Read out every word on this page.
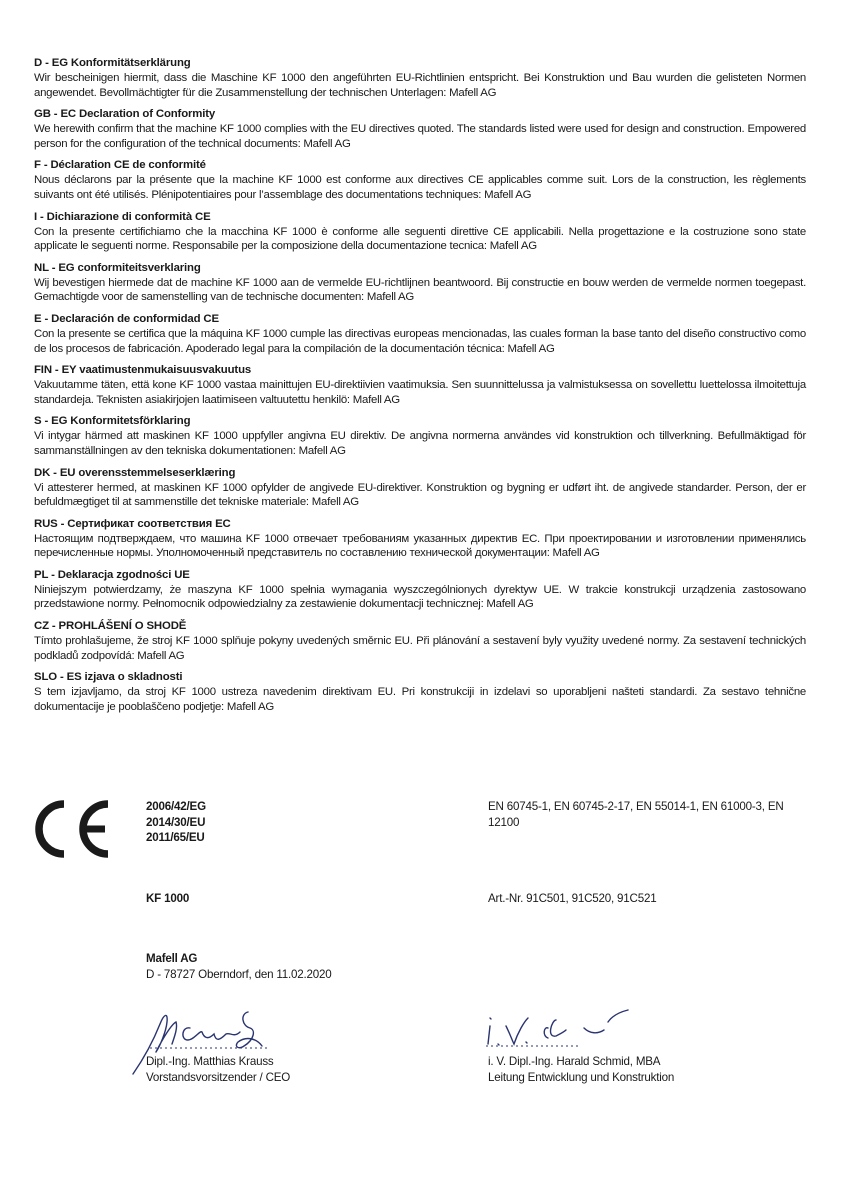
D - EG Konformitätserklärung

Wir bescheinigen hiermit, dass die Maschine KF 1000 den angeführten EU-Richtlinien entspricht. Bei Konstruktion und Bau wurden die gelisteten Normen angewendet. Bevollmächtigter für die Zusammenstellung der technischen Unterlagen: Mafell AG

GB - EC Declaration of Conformity

We herewith confirm that the machine KF 1000 complies with the EU directives quoted. The standards listed were used for design and construction. Empowered person for the configuration of the technical documents: Mafell AG

F - Déclaration CE de conformité

Nous déclarons par la présente que la machine KF 1000 est conforme aux directives CE applicables comme suit. Lors de la construction, les règlements suivants ont été utilisés. Plénipotentiaires pour l’assemblage des documentations techniques: Mafell AG

I - Dichiarazione di conformità CE

Con la presente certifichiamo che la macchina KF 1000 è conforme alle seguenti direttive CE applicabili. Nella progettazione e la costruzione sono state applicate le seguenti norme. Responsabile per la composizione della documentazione tecnica: Mafell AG

NL - EG conformiteitsverklaring

Wij bevestigen hiermede dat de machine KF 1000 aan de vermelde EU-richtlijnen beantwoord. Bij constructie en bouw werden de vermelde normen toegepast. Gemachtigde voor de samenstelling van de technische documenten: Mafell AG

E - Declaración de conformidad CE

Con la presente se certifica que la máquina KF 1000 cumple las directivas europeas mencionadas, las cuales forman la base tanto del diseño constructivo como de los procesos de fabricación. Apoderado legal para la compilación de la documentación técnica: Mafell AG

FIN - EY vaatimustenmukaisuusvakuutus

Vakuutamme täten, että kone KF 1000 vastaa mainittujen EU-direktiivien vaatimuksia. Sen suunnittelussa ja valmistuksessa on sovellettu luettelossa ilmoitettuja standardeja. Teknisten asiakirjojen laatimiseen valtuutettu henkilö: Mafell AG

S - EG Konformitetsförklaring

Vi intygar härmed att maskinen KF 1000 uppfyller angivna EU direktiv. De angivna normerna användes vid konstruktion och tillverkning. Befullmäktigad för sammanställningen av den tekniska dokumentationen: Mafell AG

DK - EU overensstemmelseserklæring

Vi attesterer hermed, at maskinen KF 1000 opfylder de angivede EU-direktiver. Konstruktion og bygning er udført iht. de angivede standarder. Person, der er befuldmægtiget til at sammenstille det tekniske materiale: Mafell AG

RUS - Сертификат соответствия ЕС

Настоящим подтверждаем, что машина KF 1000 отвечает требованиям указанных директив ЕС. При проектировании и изготовлении применялись перечисленные нормы. Уполномоченный представитель по составлению технической документации: Mafell AG

PL - Deklaracja zgodności UE

Niniejszym potwierdzamy, że maszyna KF 1000 spełnia wymagania wyszczególnionych dyrektyw UE. W trakcie konstrukcji urządzenia zastosowano przedstawione normy. Pełnomocnik odpowiedzialny za zestawienie dokumentacji technicznej: Mafell AG

CZ - PROHLÁŠENÍ O SHODĚ

Tímto prohlašujeme, že stroj KF 1000 splňuje pokyny uvedených směrnic EU. Při plánování a sestavení byly využity uvedené normy. Za sestavení technických podkladů zodpovídá: Mafell AG

SLO - ES izjava o skladnosti

S tem izjavljamo, da stroj KF 1000 ustreza navedenim direktivam EU. Pri konstrukciji in izdelavi so uporabljeni našteti standardi. Za sestavo tehnične dokumentacije je pooblaščeno podjetje: Mafell AG

2006/42/EG
2014/30/EU
2011/65/EU
EN 60745-1, EN 60745-2-17, EN 55014-1, EN 61000-3, EN 12100
KF 1000	Art.-Nr. 91C501, 91C520, 91C521
Mafell AG
D - 78727 Oberndorf, den 11.02.2020
Dipl.-Ing. Matthias Krauss
Vorstandsvorsitzender / CEO
i. V. Dipl.-Ing. Harald Schmid, MBA
Leitung Entwicklung und Konstruktion
